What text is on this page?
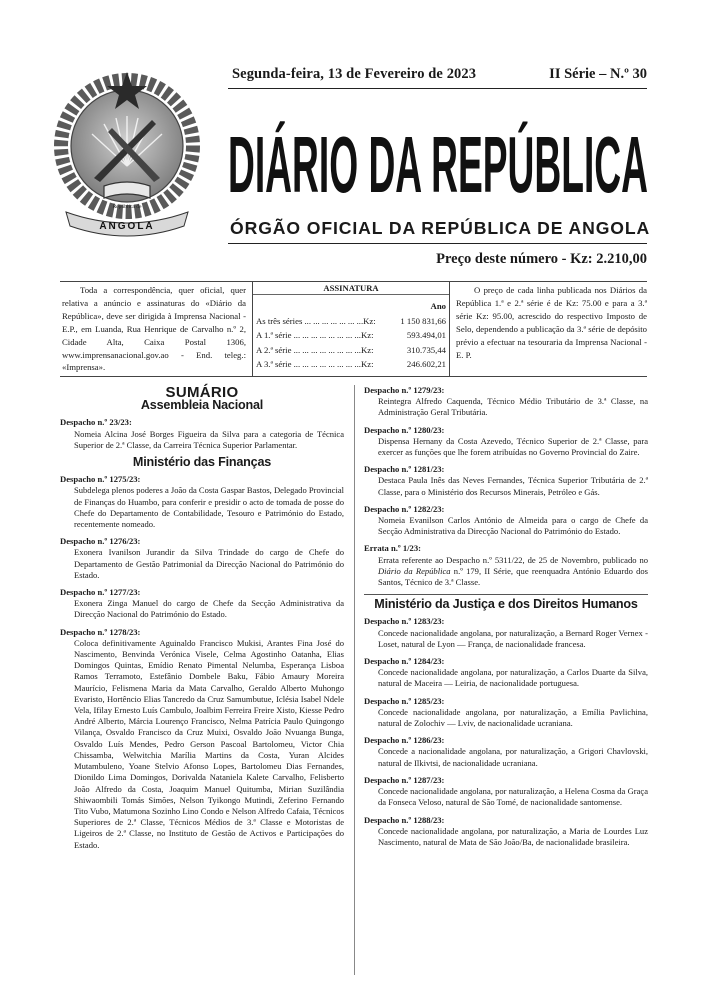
República de
ANGOLA
Segunda-feira, 13 de Fevereiro de 2023	II Série – N.º 30
DIÁRIO DA REPÚBLICA
ÓRGÃO OFICIAL DA REPÚBLICA DE ANGOLA
Preço deste número - Kz: 2.210,00
Toda a correspondência, quer oficial, quer relativa a anúncio e assinaturas do «Diário da República», deve ser dirigida à Imprensa Nacional - E.P., em Luanda, Rua Henrique de Carvalho n.º 2, Cidade Alta, Caixa Postal 1306, www.imprensanacional.gov.ao - End. teleg.: «Imprensa».
ASSINATURA
Ano
As três séries ... ... ... ... ... ... ...Kz:	1 150 831,66
A 1.ª série ... ... ... ... ... ... ... ...Kz:	593.494,01
A 2.ª série ... ... ... ... ... ... ... ...Kz:	310.735,44
A 3.ª série ... ... ... ... ... ... ... ...Kz:	246.602,21
O preço de cada linha publicada nos Diários da República 1.ª e 2.ª série é de Kz: 75.00 e para a 3.ª série Kz: 95.00, acrescido do respectivo Imposto de Selo, dependendo a publicação da 3.ª série de depósito prévio a efectuar na tesouraria da Imprensa Nacional - E. P.
SUMÁRIO
Assembleia Nacional
Despacho n.º 23/23:
Nomeia Alcina José Borges Figueira da Silva para a categoria de Técnica Superior de 2.ª Classe, da Carreira Técnica Superior Parlamentar.
Ministério das Finanças
Despacho n.º 1275/23:
Subdelega plenos poderes a João da Costa Gaspar Bastos, Delegado Provincial de Finanças do Huambo, para conferir e presidir o acto de tomada de posse do Chefe do Departamento de Contabilidade, Tesouro e Património do Estado, recentemente nomeado.
Despacho n.º 1276/23:
Exonera Ivanilson Jurandir da Silva Trindade do cargo de Chefe do Departamento de Gestão Patrimonial da Direcção Nacional do Património do Estado.
Despacho n.º 1277/23:
Exonera Zinga Manuel do cargo de Chefe da Secção Administrativa da Direcção Nacional do Património do Estado.
Despacho n.º 1278/23:
Coloca definitivamente Aguinaldo Francisco Mukisi, Arantes Fina José do Nascimento, Benvinda Verónica Visele, Celma Agostinho Oatanha, Elias Domingos Quintas, Emídio Renato Pimental Nelumba, Esperança Lisboa Ramos Terramoto, Estefânio Dombele Baku, Fábio Amaury Moreira Maurício, Felismena Maria da Mata Carvalho, Geraldo Alberto Muhongo Evaristo, Hortêncio Elias Tancredo da Cruz Samumbutue, Iclésia Isabel Ndele Vela, Ifilay Ernesto Luís Cambulo, Joalbim Ferreira Freire Xisto, Kiesse Pedro André Alberto, Márcia Lourenço Francisco, Nelma Patrícia Paulo Quingongo Vilança, Osvaldo Francisco da Cruz Muixi, Osvaldo João Nvuanga Bunga, Osvaldo Luís Mendes, Pedro Gerson Pascoal Bartolomeu, Victor Chia Chissamba, Welwitchia Marília Martins da Costa, Yuran Alcides Mutambuleno, Yoane Stelvio Afonso Lopes, Bartolomeu Dias Fernandes, Dionildo Lima Domingos, Dorivalda Nataniela Kalete Carvalho, Felisberto João Alfredo da Costa, Joaquim Manuel Quitumba, Mirian Suzilândia Shiwaombili Tomás Simões, Nelson Tyikongo Mutindi, Zeferino Fernando Tito Vubo, Matumona Sozinho Lino Condo e Nelson Alfredo Cafaia, Técnicos Superiores de 2.ª Classe, Técnicos Médios de 3.ª Classe e Motoristas de Ligeiros de 2.ª Classe, no Instituto de Gestão de Activos e Participações do Estado.
Despacho n.º 1279/23:
Reintegra Alfredo Caquenda, Técnico Médio Tributário de 3.ª Classe, na Administração Geral Tributária.
Despacho n.º 1280/23:
Dispensa Hernany da Costa Azevedo, Técnico Superior de 2.ª Classe, para exercer as funções que lhe forem atribuídas no Governo Provincial do Zaire.
Despacho n.º 1281/23:
Destaca Paula Inês das Neves Fernandes, Técnica Superior Tributária de 2.ª Classe, para o Ministério dos Recursos Minerais, Petróleo e Gás.
Despacho n.º 1282/23:
Nomeia Evanilson Carlos António de Almeida para o cargo de Chefe da Secção Administrativa da Direcção Nacional do Património do Estado.
Errata n.º 1/23:
Errata referente ao Despacho n.º 5311/22, de 25 de Novembro, publicado no Diário da República n.º 179, II Série, que reenquadra António Eduardo dos Santos, Técnico de 3.ª Classe.
Ministério da Justiça e dos Direitos Humanos
Despacho n.º 1283/23:
Concede nacionalidade angolana, por naturalização, a Bernard Roger Vernex - Loset, natural de Lyon — França, de nacionalidade francesa.
Despacho n.º 1284/23:
Concede nacionalidade angolana, por naturalização, a Carlos Duarte da Silva, natural de Maceira — Leiria, de nacionalidade portuguesa.
Despacho n.º 1285/23:
Concede nacionalidade angolana, por naturalização, a Emília Pavlichina, natural de Zolochiv — Lviv, de nacionalidade ucraniana.
Despacho n.º 1286/23:
Concede a nacionalidade angolana, por naturalização, a Grigori Chavlovski, natural de Ilkivtsi, de nacionalidade ucraniana.
Despacho n.º 1287/23:
Concede nacionalidade angolana, por naturalização, a Helena Cosma da Graça da Fonseca Veloso, natural de São Tomé, de nacionalidade santomense.
Despacho n.º 1288/23:
Concede nacionalidade angolana, por naturalização, a Maria de Lourdes Luz Nascimento, natural de Mata de São João/Ba, de nacionalidade brasileira.
